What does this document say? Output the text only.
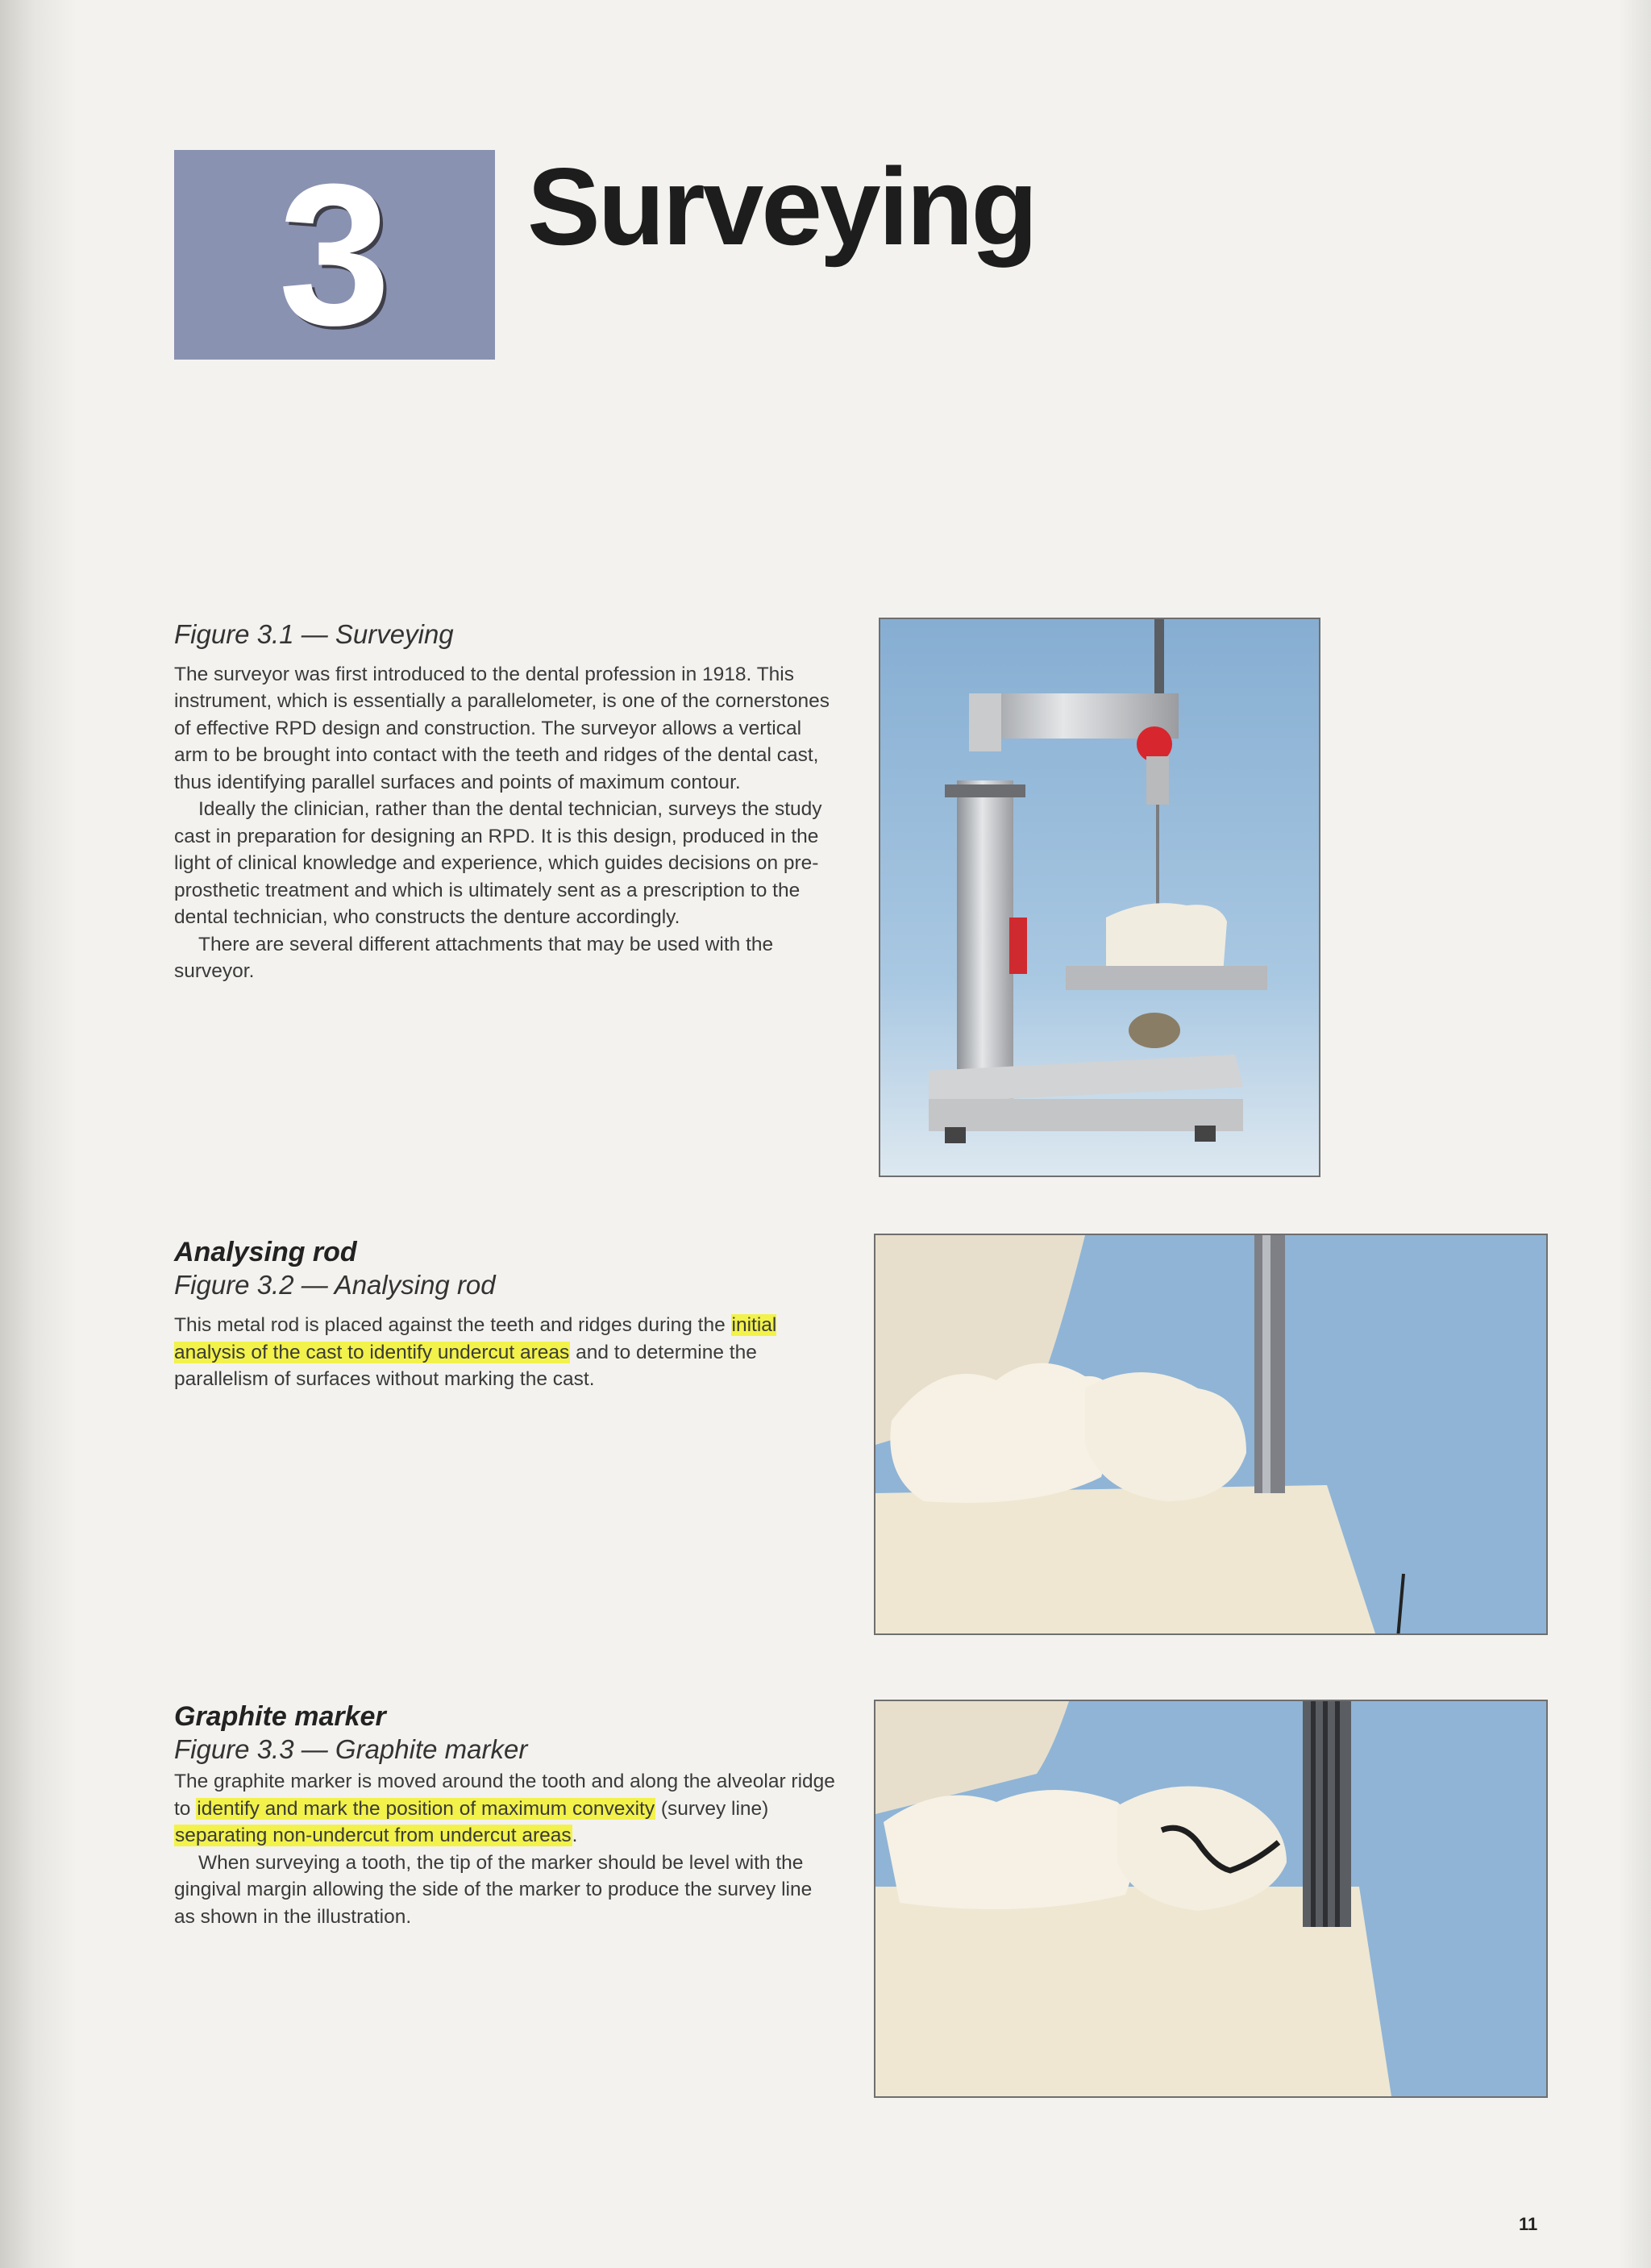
3 Surveying
Figure 3.1 — Surveying

The surveyor was first introduced to the dental profession in 1918. This instrument, which is essentially a parallelometer, is one of the cornerstones of effective RPD design and construction. The surveyor allows a vertical arm to be brought into contact with the teeth and ridges of the dental cast, thus identifying parallel surfaces and points of maximum contour.

Ideally the clinician, rather than the dental technician, surveys the study cast in preparation for designing an RPD. It is this design, produced in the light of clinical knowledge and experience, which guides decisions on pre-prosthetic treatment and which is ultimately sent as a prescription to the dental technician, who constructs the denture accordingly.

There are several different attachments that may be used with the surveyor.

Analysing rod
Figure 3.2 — Analysing rod

This metal rod is placed against the teeth and ridges during the initial analysis of the cast to identify undercut areas and to determine the parallelism of surfaces without marking the cast.

Graphite marker
Figure 3.3 — Graphite marker

The graphite marker is moved around the tooth and along the alveolar ridge to identify and mark the position of maximum convexity (survey line) separating non-undercut from undercut areas.

When surveying a tooth, the tip of the marker should be level with the gingival margin allowing the side of the marker to produce the survey line as shown in the illustration.

11
